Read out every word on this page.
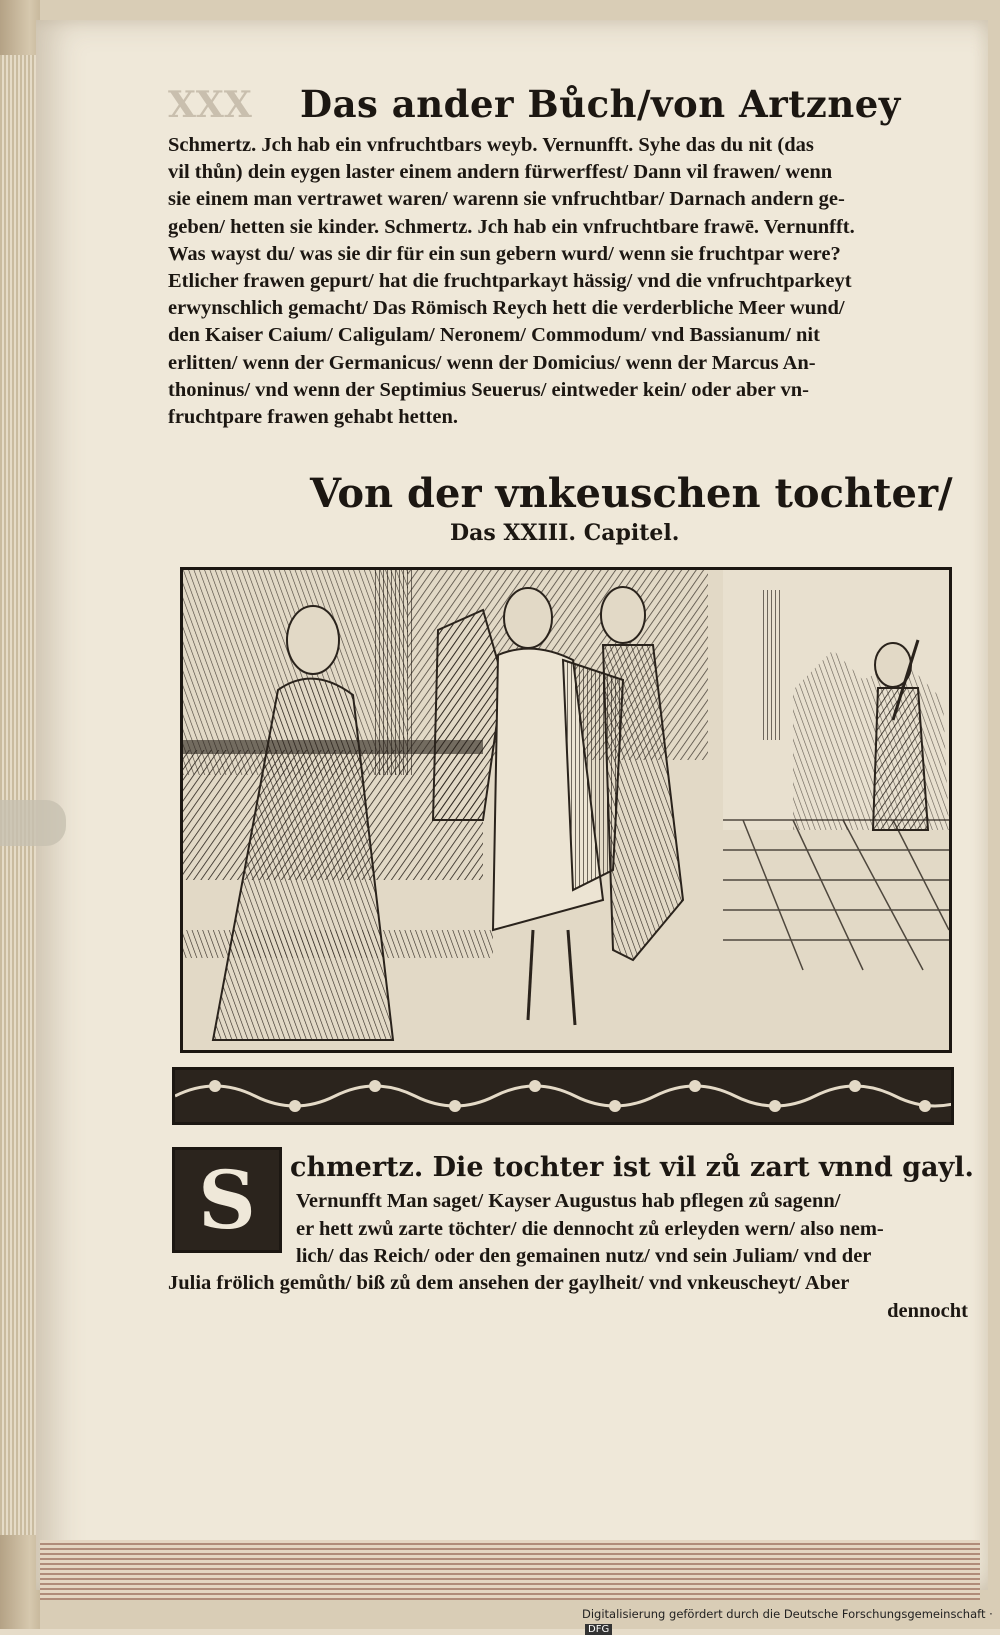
XXX Das ander Bůch/von Artzney
Schmertz. Jch hab ein vnfruchtbars weyb. Vernunfft. Syhe das du nit (das
vil thůn) dein eygen laster einem andern fürwerffest/ Dann vil frawen/ wenn
sie einem man vertrawet waren/ warenn sie vnfruchtbar/ Darnach andern ge-
geben/ hetten sie kinder. Schmertz. Jch hab ein vnfruchtbare frawē. Vernunfft.
Was wayst du/ was sie dir für ein sun gebern wurd/ wenn sie fruchtpar were?
Etlicher frawen gepurt/ hat die fruchtparkayt hässig/ vnd die vnfruchtparkeyt
erwynschlich gemacht/ Das Römisch Reych hett die verderbliche Meer wund/
den Kaiser Caium/ Caligulam/ Neronem/ Commodum/ vnd Bassianum/ nit
erlitten/ wenn der Germanicus/ wenn der Domicius/ wenn der Marcus An-
thoninus/ vnd wenn der Septimius Seuerus/ eintweder kein/ oder aber vn-
fruchtpare frawen gehabt hetten.
Von der vnkeuschen tochter/
Das XXIII. Capitel.
S	chmertz. Die tochter ist vil zů zart vnnd gayl.
Vernunfft Man saget/ Kayser Augustus hab pflegen zů sagenn/
er hett zwů zarte töchter/ die dennocht zů erleyden wern/ also nem-
lich/ das Reich/ oder den gemainen nutz/ vnd sein Juliam/ vnd der
Julia frölich gemůth/ biß zů dem ansehen der gaylheit/ vnd vnkeuscheyt/ Aber
dennocht
Digitalisierung gefördert durch die Deutsche Forschungsgemeinschaft ·DFG
